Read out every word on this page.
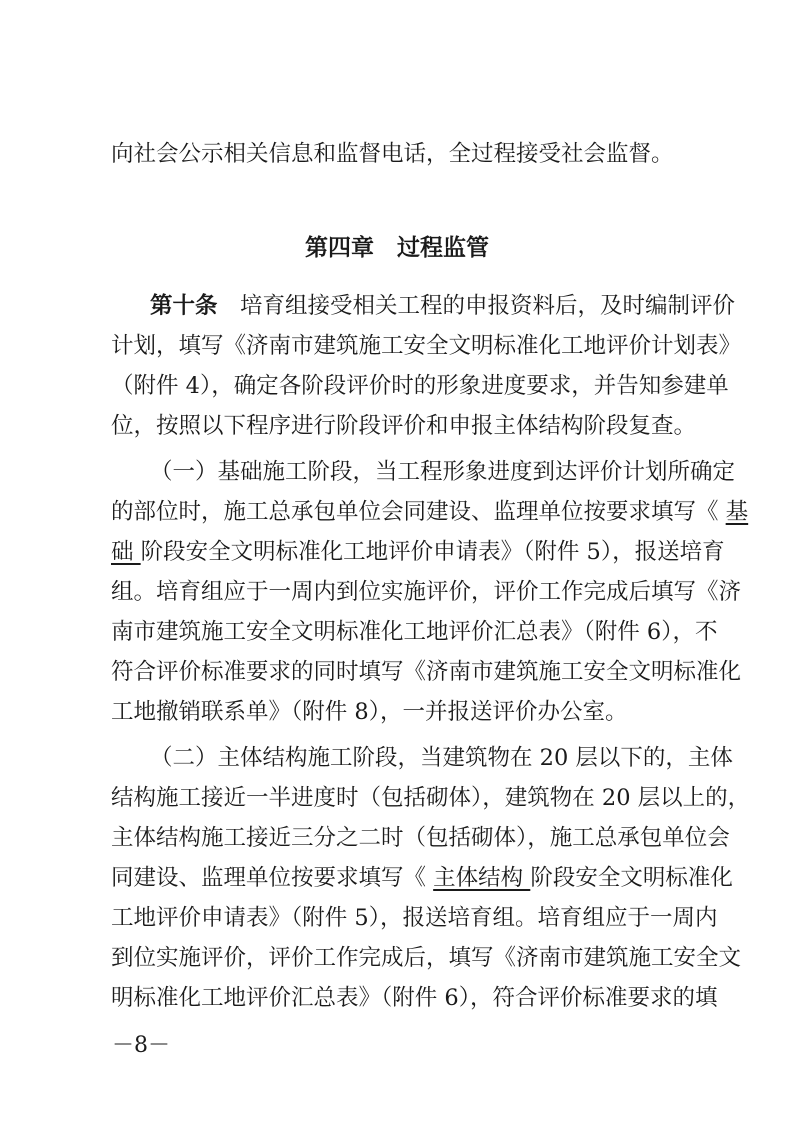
向社会公示相关信息和监督电话，全过程接受社会监督。
第四章　过程监管
第十条　培育组接受相关工程的申报资料后，及时编制评价
计划，填写《济南市建筑施工安全文明标准化工地评价计划表》
（附件 4），确定各阶段评价时的形象进度要求，并告知参建单
位，按照以下程序进行阶段评价和申报主体结构阶段复查。
（一）基础施工阶段，当工程形象进度到达评价计划所确定
的部位时，施工总承包单位会同建设、监理单位按要求填写《 基
础 阶段安全文明标准化工地评价申请表》（附件 5），报送培育
组。培育组应于一周内到位实施评价，评价工作完成后填写《济
南市建筑施工安全文明标准化工地评价汇总表》（附件 6），不
符合评价标准要求的同时填写《济南市建筑施工安全文明标准化
工地撤销联系单》（附件 8），一并报送评价办公室。
（二）主体结构施工阶段，当建筑物在 20 层以下的，主体
结构施工接近一半进度时（包括砌体），建筑物在 20 层以上的，
主体结构施工接近三分之二时（包括砌体），施工总承包单位会
同建设、监理单位按要求填写《 主体结构 阶段安全文明标准化
工地评价申请表》（附件 5），报送培育组。培育组应于一周内
到位实施评价，评价工作完成后，填写《济南市建筑施工安全文
明标准化工地评价汇总表》（附件 6），符合评价标准要求的填
－8－
